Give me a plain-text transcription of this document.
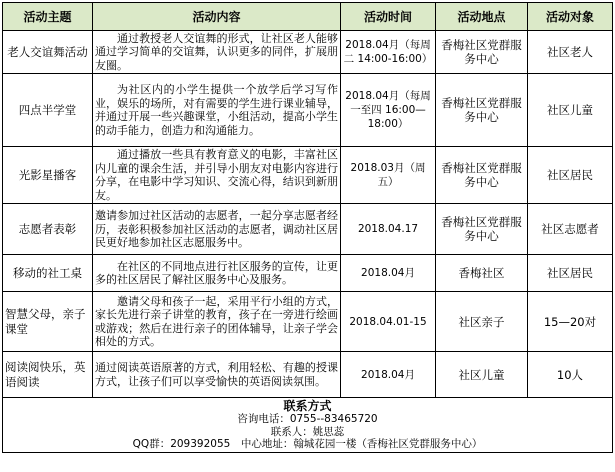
活动主题	活动内容	活动时间	活动地点	活动对象
老人交谊舞活动	通过教授老人交谊舞的形式，让社区老人能够通过学习简单的交谊舞，认识更多的同伴，扩展朋友圈。	2018.04月（每周二 14:00-16:00）	香梅社区党群服务中心	社区老人
四点半学堂	为社区内的小学生提供一个放学后学习写作业，娱乐的场所，对有需要的学生进行课业辅导，并通过开展一些兴趣课堂，小组活动，提高小学生的动手能力，创造力和沟通能力。	2018.04月（每周一至四 16:00—18:00）	香梅社区党群服务中心	社区儿童
光影星播客	通过播放一些具有教育意义的电影，丰富社区内儿童的课余生活，并引导小朋友对电影内容进行分享，在电影中学习知识、交流心得，结识到新朋友。	2018.03月（周五）	香梅社区党群服务中心	社区居民
志愿者表彰	邀请参加过社区活动的志愿者，一起分享志愿者经历，表彰积极参加社区活动的志愿者，调动社区居民更好地参加社区志愿服务中。	2018.04.17	香梅社区党群服务中心	社区志愿者
移动的社工桌	在社区的不同地点进行社区服务的宣传，让更多的社区居民了解社区服务中心及服务。	2018.04月	香梅社区	社区居民
智慧父母，亲子课堂	邀请父母和孩子一起，采用平行小组的方式，家长先进行亲子讲堂的教育，孩子在一旁进行绘画或游戏；然后在进行亲子的团体辅导，让亲子学会相处的方式。	2018.04.01-15	社区亲子	15—20对
阅读阅快乐，英语阅读	通过阅读英语原著的方式，利用轻松、有趣的授课方式，让孩子们可以享受愉快的英语阅读氛围。	2018.04月	社区儿童	10人

联系方式
咨询电话：0755--83465720
联系人：姚思蕊
QQ群：209392055　中心地址：翰城花园一楼（香梅社区党群服务中心）				
